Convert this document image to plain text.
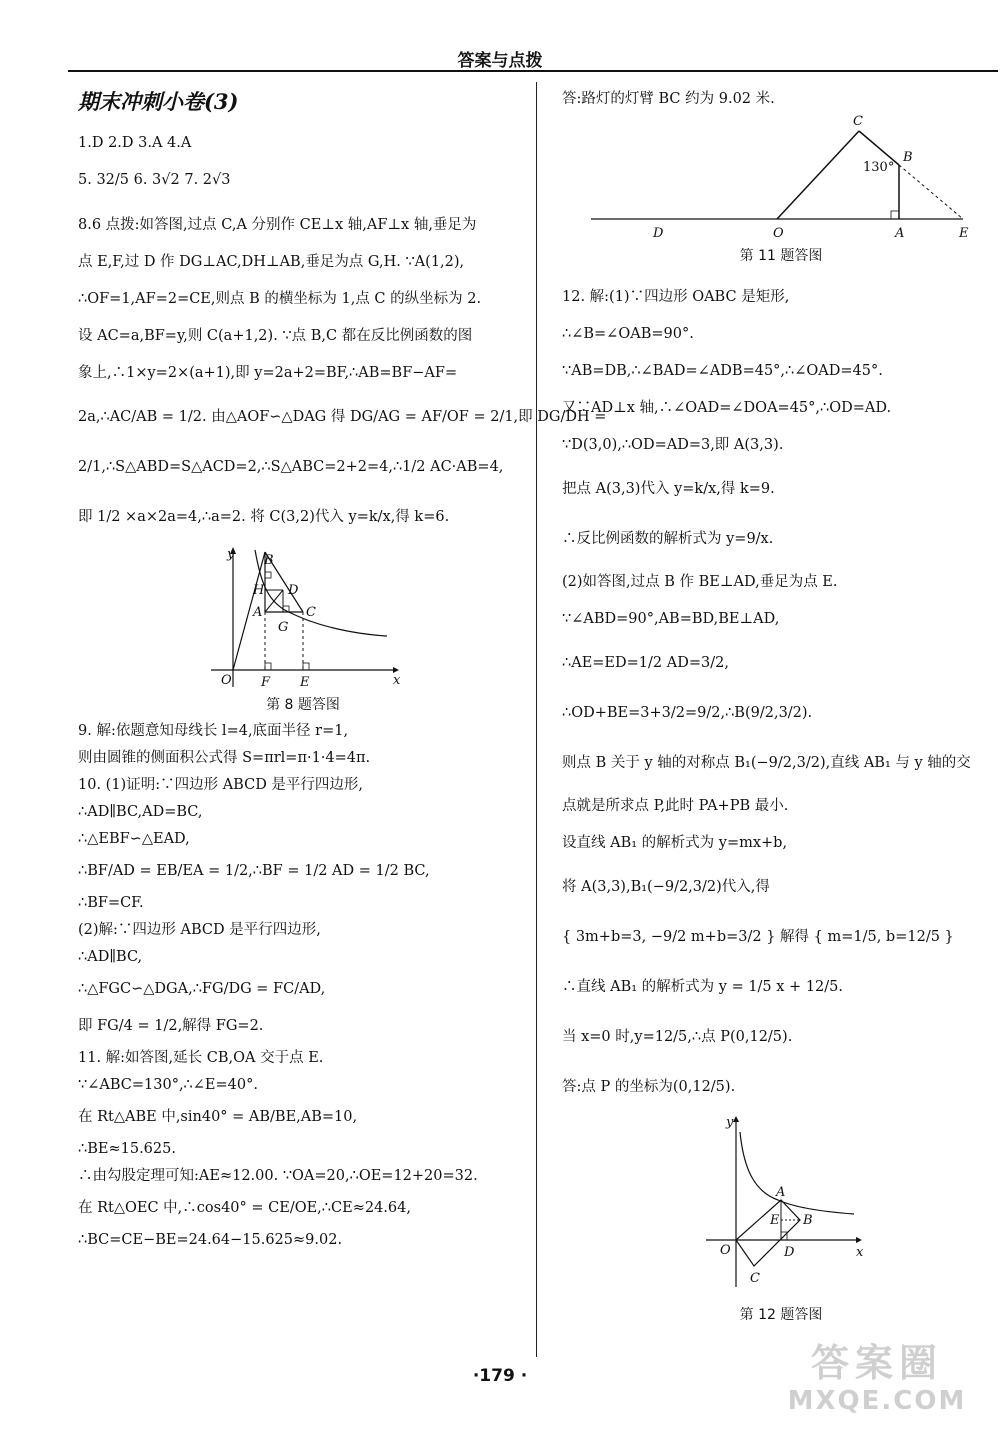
答案与点拨
期末冲刺小卷(3)
1.D 2.D 3.A 4.A
5. 32/5 6. 3√2 7. 2√3
8.6 点拨:如答图,过点 C,A 分别作 CE⊥x 轴,AF⊥x 轴,垂足为
点 E,F,过 D 作 DG⊥AC,DH⊥AB,垂足为点 G,H. ∵A(1,2),
∴OF=1,AF=2=CE,则点 B 的横坐标为 1,点 C 的纵坐标为 2.
设 AC=a,BF=y,则 C(a+1,2). ∵点 B,C 都在反比例函数的图
象上,∴1×y=2×(a+1),即 y=2a+2=BF,∴AB=BF−AF=
2a,∴AC/AB = 1/2. 由△AOF∽△DAG 得 DG/AG = AF/OF = 2/1,即 DG/DH =
2/1,∴S△ABD=S△ACD=2,∴S△ABC=2+2=4,∴1/2 AC·AB=4,
即 1/2 ×a×2a=4,∴a=2. 将 C(3,2)代入 y=k/x,得 k=6.
y
x
O F E
A
B
C
D
G
H
第 8 题答图
9. 解:依题意知母线长 l=4,底面半径 r=1,
则由圆锥的侧面积公式得 S=πrl=π·1·4=4π.
10. (1)证明:∵四边形 ABCD 是平行四边形,
∴AD∥BC,AD=BC,
∴△EBF∽△EAD,
∴BF/AD = EB/EA = 1/2,∴BF = 1/2 AD = 1/2 BC,
∴BF=CF.
(2)解:∵四边形 ABCD 是平行四边形,
∴AD∥BC,
∴△FGC∽△DGA,∴FG/DG = FC/AD,
即 FG/4 = 1/2,解得 FG=2.
11. 解:如答图,延长 CB,OA 交于点 E.
∵∠ABC=130°,∴∠E=40°.
在 Rt△ABE 中,sin40° = AB/BE,AB=10,
∴BE≈15.625.
∴由勾股定理可知:AE≈12.00. ∵OA=20,∴OE=12+20=32.
在 Rt△OEC 中,∴cos40° = CE/OE,∴CE≈24.64,
∴BC=CE−BE=24.64−15.625≈9.02.
答:路灯的灯臂 BC 约为 9.02 米.
C
B
130°
D	O	A	E
第 11 题答图
12. 解:(1)∵四边形 OABC 是矩形,
∴∠B=∠OAB=90°.
∵AB=DB,∴∠BAD=∠ADB=45°,∴∠OAD=45°.
又∵AD⊥x 轴,∴∠OAD=∠DOA=45°,∴OD=AD.
∵D(3,0),∴OD=AD=3,即 A(3,3).
把点 A(3,3)代入 y=k/x,得 k=9.
∴反比例函数的解析式为 y=9/x.
(2)如答图,过点 B 作 BE⊥AD,垂足为点 E.
∵∠ABD=90°,AB=BD,BE⊥AD,
∴AE=ED=1/2 AD=3/2,
∴OD+BE=3+3/2=9/2,∴B(9/2,3/2).
则点 B 关于 y 轴的对称点 B₁(−9/2,3/2),直线 AB₁ 与 y 轴的交
点就是所求点 P,此时 PA+PB 最小.
设直线 AB₁ 的解析式为 y=mx+b,
将 A(3,3),B₁(−9/2,3/2)代入,得
{ 3m+b=3, −9/2 m+b=3/2 } 解得 { m=1/5, b=12/5 }
∴直线 AB₁ 的解析式为 y = 1/5 x + 12/5.
当 x=0 时,y=12/5,∴点 P(0,12/5).
答:点 P 的坐标为(0,12/5).
y
x
O
A
B
C
D
E
第 12 题答图
·179 ·	答案圈
MXQE.COM
